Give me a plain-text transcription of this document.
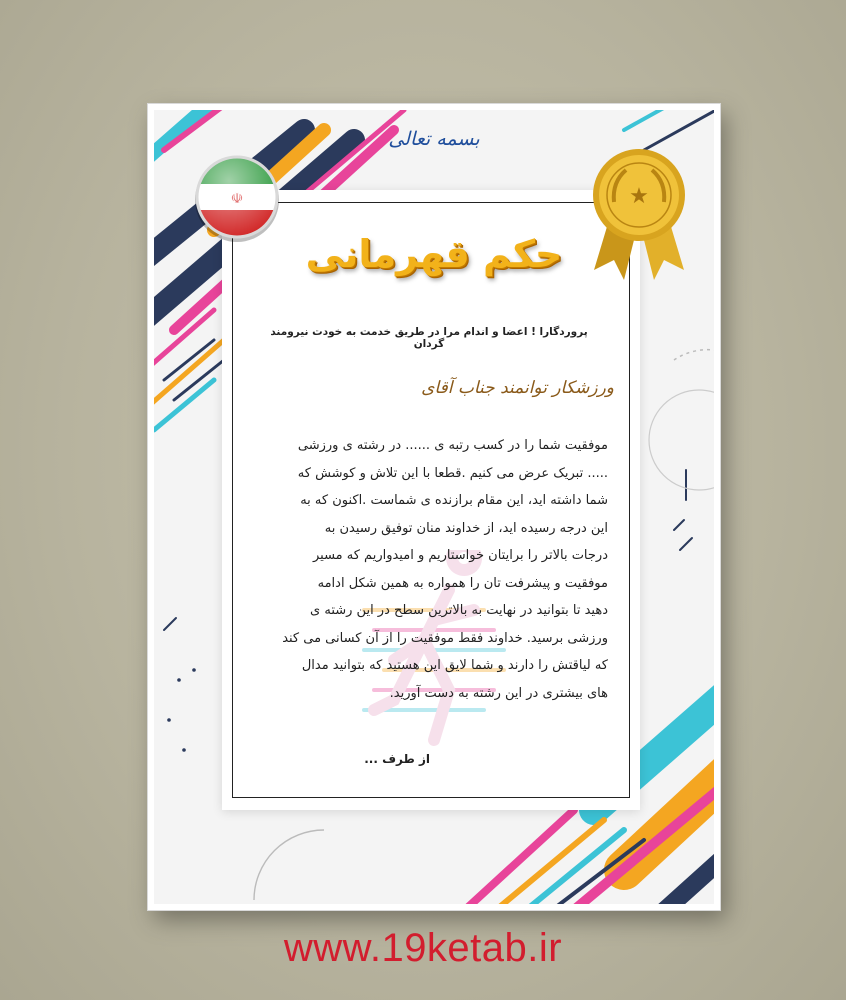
بسمه تعالی
★
حکم قهرمانی
پروردگارا ! اعضا و اندام مرا در طریق خدمت به خودت نیرومند گردان
ورزشکار توانمند جناب آقای
موفقیت شما را در کسب رتبه ی ...... در رشته ی ورزشی
..... تبریک عرض می کنیم .قطعا با این تلاش و کوشش که
شما داشته اید، این مقام برازنده ی شماست .اکنون که به
این درجه رسیده اید، از خداوند منان توفیق رسیدن به
درجات بالاتر را برایتان خواستاریم و امیدواریم که مسیر
موفقیت و پیشرفت تان را همواره به همین شکل ادامه
دهید تا بتوانید در نهایت به بالاترین سطح در این رشته ی
ورزشی برسید. خداوند فقط موفقیت را از آن کسانی می کند
که لیاقتش را دارند و شما لایق این هستید که بتوانید مدال
های بیشتری در این رشته به دست آورید.
از طرف ...
www.19ketab.ir
